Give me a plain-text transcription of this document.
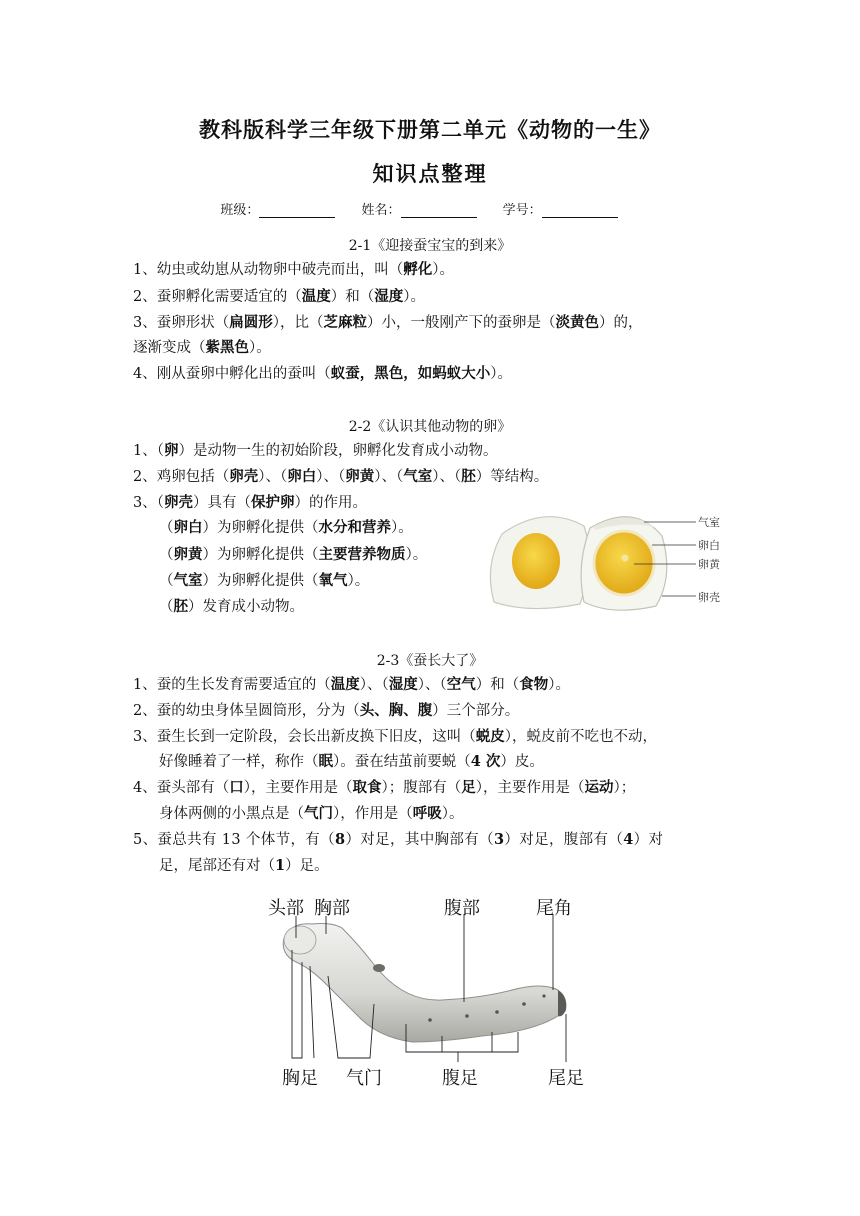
教科版科学三年级下册第二单元《动物的一生》
知识点整理
班级：	姓名：	学号：
2-1《迎接蚕宝宝的到来》
1、幼虫或幼崽从动物卵中破壳而出，叫（孵化）。
2、蚕卵孵化需要适宜的（温度）和（湿度）。
3、蚕卵形状（扁圆形），比（芝麻粒）小，一般刚产下的蚕卵是（淡黄色）的，
逐渐变成（紫黑色）。
4、刚从蚕卵中孵化出的蚕叫（蚁蚕，黑色，如蚂蚁大小）。
2-2《认识其他动物的卵》
1、（卵）是动物一生的初始阶段，卵孵化发育成小动物。
2、鸡卵包括（卵壳）、（卵白）、（卵黄）、（气室）、（胚）等结构。
3、（卵壳）具有（保护卵）的作用。
（卵白）为卵孵化提供（水分和营养）。
（卵黄）为卵孵化提供（主要营养物质）。
（气室）为卵孵化提供（氧气）。
（胚）发育成小动物。
气室
卵白
卵黄
卵壳
2-3《蚕长大了》
1、蚕的生长发育需要适宜的（温度）、（湿度）、（空气）和（食物）。
2、蚕的幼虫身体呈圆筒形，分为（头、胸、腹）三个部分。
3、蚕生长到一定阶段，会长出新皮换下旧皮，这叫（蜕皮），蜕皮前不吃也不动，
好像睡着了一样，称作（眠）。蚕在结茧前要蜕（4 次）皮。
4、蚕头部有（口），主要作用是（取食）；腹部有（足），主要作用是（运动）；
身体两侧的小黑点是（气门），作用是（呼吸）。
5、蚕总共有 13 个体节，有（8）对足，其中胸部有（3）对足，腹部有（4）对
足，尾部还有对（1）足。
头部 胸部	腹部	尾角
胸足 气门	腹足	尾足
